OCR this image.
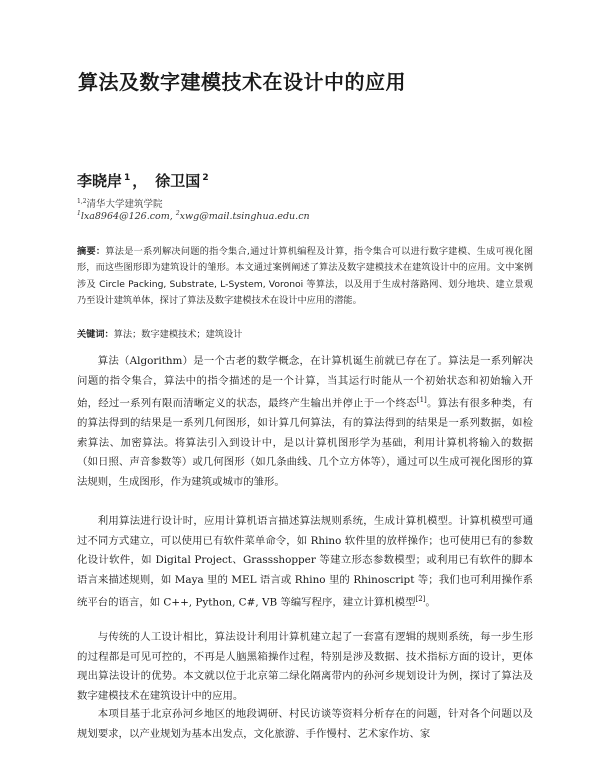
算法及数字建模技术在设计中的应用
李晓岸 $^1$ ， 徐卫国 $^2$
$^{1,2}$清华大学建筑学院
$^1$lxa8964@126.com, $^2$xwg@mail.tsinghua.edu.cn
摘要：算法是一系列解决问题的指令集合,通过计算机编程及计算，指令集合可以进行数字建模、生成可视化图形，而这些图形即为建筑设计的雏形。本文通过案例阐述了算法及数字建模技术在建筑设计中的应用。文中案例涉及 Circle Packing, Substrate, L-System, Voronoi 等算法，以及用于生成村落路网、划分地块、建立景观乃至设计建筑单体，探讨了算法及数字建模技术在设计中应用的潜能。
关键词：算法；数字建模技术；建筑设计

算法（Algorithm）是一个古老的数学概念，在计算机诞生前就已存在了。算法是一系列解决问题的指令集合，算法中的指令描述的是一个计算，当其运行时能从一个初始状态和初始输入开始，经过一系列有限而清晰定义的状态，最终产生输出并停止于一个终态[1]。算法有很多种类，有的算法得到的结果是一系列几何图形，如计算几何算法，有的算法得到的结果是一系列数据，如检索算法、加密算法。将算法引入到设计中，是以计算机图形学为基础，利用计算机将输入的数据（如日照、声音参数等）或几何图形（如几条曲线、几个立方体等），通过可以生成可视化图形的算法规则，生成图形，作为建筑或城市的雏形。

利用算法进行设计时，应用计算机语言描述算法规则系统，生成计算机模型。计算机模型可通过不同方式建立，可以使用已有软件菜单命令，如 Rhino 软件里的放样操作；也可使用已有的参数化设计软件，如 Digital Project、Grassshopper 等建立形态参数模型；或利用已有软件的脚本语言来描述规则，如 Maya 里的 MEL 语言或 Rhino 里的 Rhinoscript 等；我们也可利用操作系统平台的语言，如 C++, Python, C#, VB 等编写程序，建立计算机模型[2]。

与传统的人工设计相比，算法设计利用计算机建立起了一套富有逻辑的规则系统，每一步生形的过程都是可见可控的，不再是人脑黑箱操作过程，特别是涉及数据、技术指标方面的设计，更体现出算法设计的优势。本文就以位于北京第二绿化隔离带内的孙河乡规划设计为例，探讨了算法及数字建模技术在建筑设计中的应用。

本项目基于北京孙河乡地区的地段调研、村民访谈等资料分析存在的问题，针对各个问题以及规划要求，以产业规划为基本出发点，文化旅游、手作慢村、艺术家作坊、家
